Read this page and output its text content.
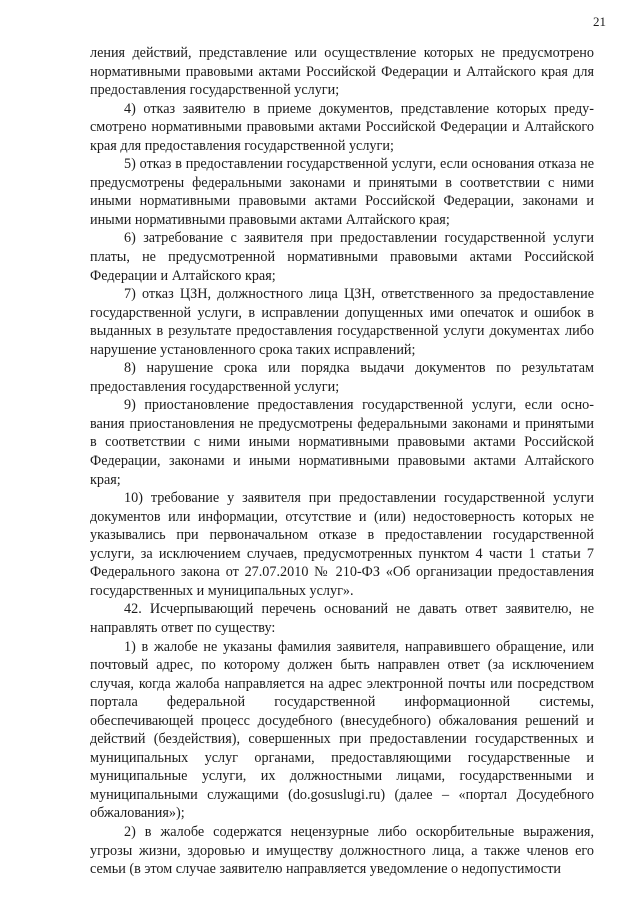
21

ления действий, представление или осуществление которых не предусмотрено нормативными правовыми актами Российской Федерации и Алтайского края для предоставления государственной услуги;

4) отказ заявителю в приеме документов, представление которых предусмотрено нормативными правовыми актами Российской Федерации и Алтайского края для предоставления государственной услуги;

5) отказ в предоставлении государственной услуги, если основания отказа не предусмотрены федеральными законами и принятыми в соответствии с ними иными нормативными правовыми актами Российской Федерации, законами и иными нормативными правовыми актами Алтайского края;

6) затребование с заявителя при предоставлении государственной услуги платы, не предусмотренной нормативными правовыми актами Российской Федерации и Алтайского края;

7) отказ ЦЗН, должностного лица ЦЗН, ответственного за предоставление государственной услуги, в исправлении допущенных ими опечаток и ошибок в выданных в результате предоставления государственной услуги документах либо нарушение установленного срока таких исправлений;

8) нарушение срока или порядка выдачи документов по результатам предоставления государственной услуги;

9) приостановление предоставления государственной услуги, если основания приостановления не предусмотрены федеральными законами и принятыми в соответствии с ними иными нормативными правовыми актами Российской Федерации, законами и иными нормативными правовыми актами Алтайского края;

10) требование у заявителя при предоставлении государственной услуги документов или информации, отсутствие и (или) недостоверность которых не указывались при первоначальном отказе в предоставлении государственной услуги, за исключением случаев, предусмотренных пунктом 4 части 1 статьи 7 Федерального закона от 27.07.2010 № 210-ФЗ «Об организации предоставления государственных и муниципальных услуг».

42. Исчерпывающий перечень оснований не давать ответ заявителю, не направлять ответ по существу:

1) в жалобе не указаны фамилия заявителя, направившего обращение, или почтовый адрес, по которому должен быть направлен ответ (за исключением случая, когда жалоба направляется на адрес электронной почты или посредством портала федеральной государственной информационной системы, обеспечивающей процесс досудебного (внесудебного) обжалования решений и действий (бездействия), совершенных при предоставлении государственных и муниципальных услуг органами, предоставляющими государственные и муниципальные услуги, их должностными лицами, государственными и муниципальными служащими (do.gosuslugi.ru) (далее – «портал Досудебного обжалования»);

2) в жалобе содержатся нецензурные либо оскорбительные выражения, угрозы жизни, здоровью и имуществу должностного лица, а также членов его семьи (в этом случае заявителю направляется уведомление о недопустимости
